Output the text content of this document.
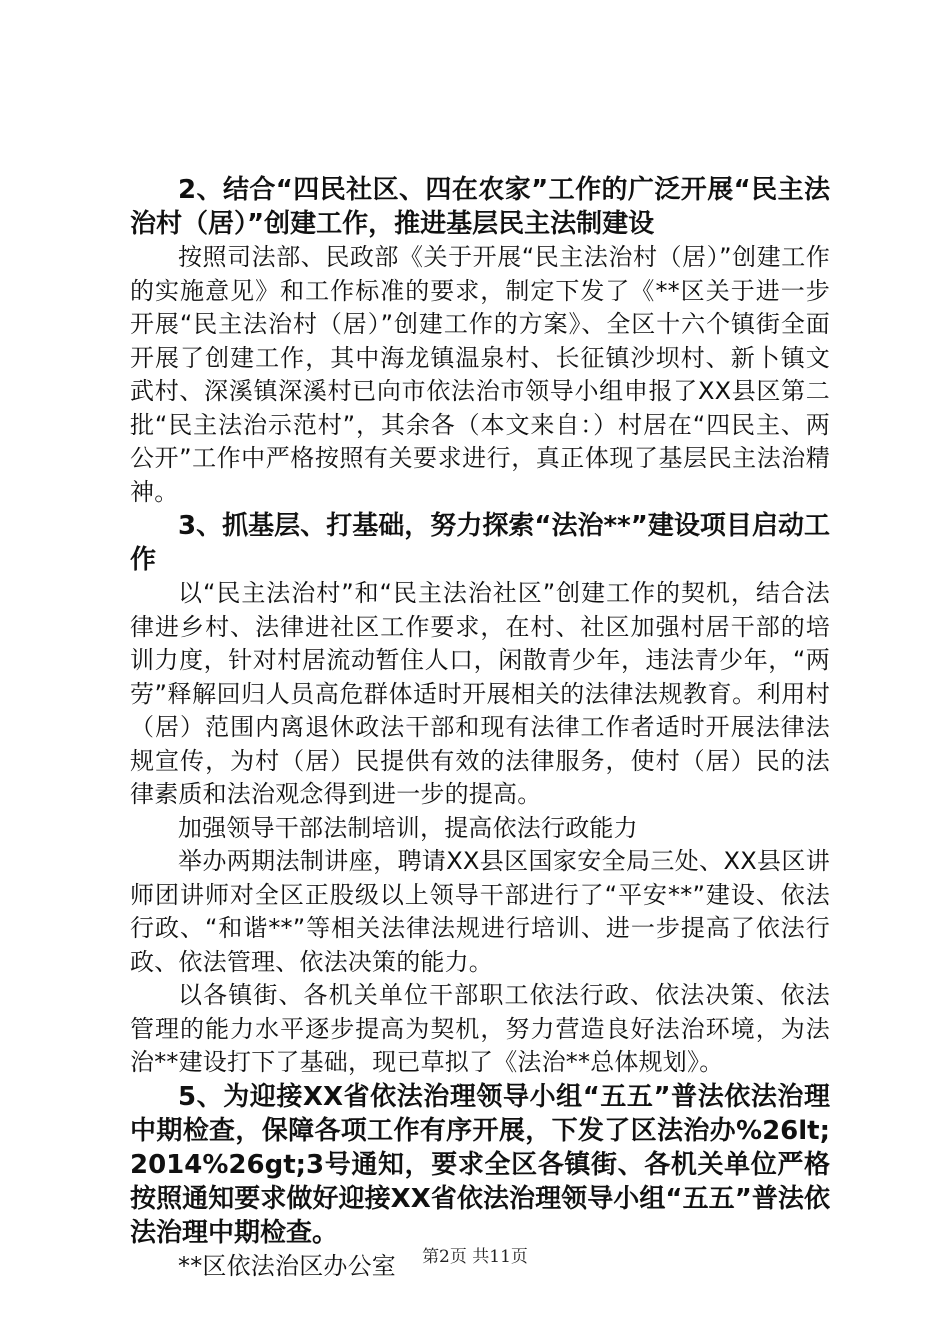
2、结合“四民社区、四在农家”工作的广泛开展“民主法治村（居）”创建工作，推进基层民主法制建设

按照司法部、民政部《关于开展“民主法治村（居）”创建工作的实施意见》和工作标准的要求，制定下发了《**区关于进一步开展“民主法治村（居）”创建工作的方案》、全区十六个镇街全面开展了创建工作，其中海龙镇温泉村、长征镇沙坝村、新卜镇文武村、深溪镇深溪村已向市依法治市领导小组申报了XX县区第二批“民主法治示范村”，其余各（本文来自：）村居在“四民主、两公开”工作中严格按照有关要求进行，真正体现了基层民主法治精神。

3、抓基层、打基础，努力探索“法治**”建设项目启动工作

以“民主法治村”和“民主法治社区”创建工作的契机，结合法律进乡村、法律进社区工作要求，在村、社区加强村居干部的培训力度，针对村居流动暂住人口，闲散青少年，违法青少年，“两劳”释解回归人员高危群体适时开展相关的法律法规教育。利用村（居）范围内离退休政法干部和现有法律工作者适时开展法律法规宣传，为村（居）民提供有效的法律服务，使村（居）民的法律素质和法治观念得到进一步的提高。

加强领导干部法制培训，提高依法行政能力

举办两期法制讲座，聘请XX县区国家安全局三处、XX县区讲师团讲师对全区正股级以上领导干部进行了“平安**”建设、依法行政、“和谐**”等相关法律法规进行培训、进一步提高了依法行政、依法管理、依法决策的能力。

以各镇街、各机关单位干部职工依法行政、依法决策、依法管理的能力水平逐步提高为契机，努力营造良好法治环境，为法治**建设打下了基础，现已草拟了《法治**总体规划》。

5、为迎接XX省依法治理领导小组“五五”普法依法治理中期检查，保障各项工作有序开展，下发了区法治办%26lt;2014%26gt;3号通知，要求全区各镇街、各机关单位严格按照通知要求做好迎接XX省依法治理领导小组“五五”普法依法治理中期检查。

**区依法治区办公室	第2页 共11页
